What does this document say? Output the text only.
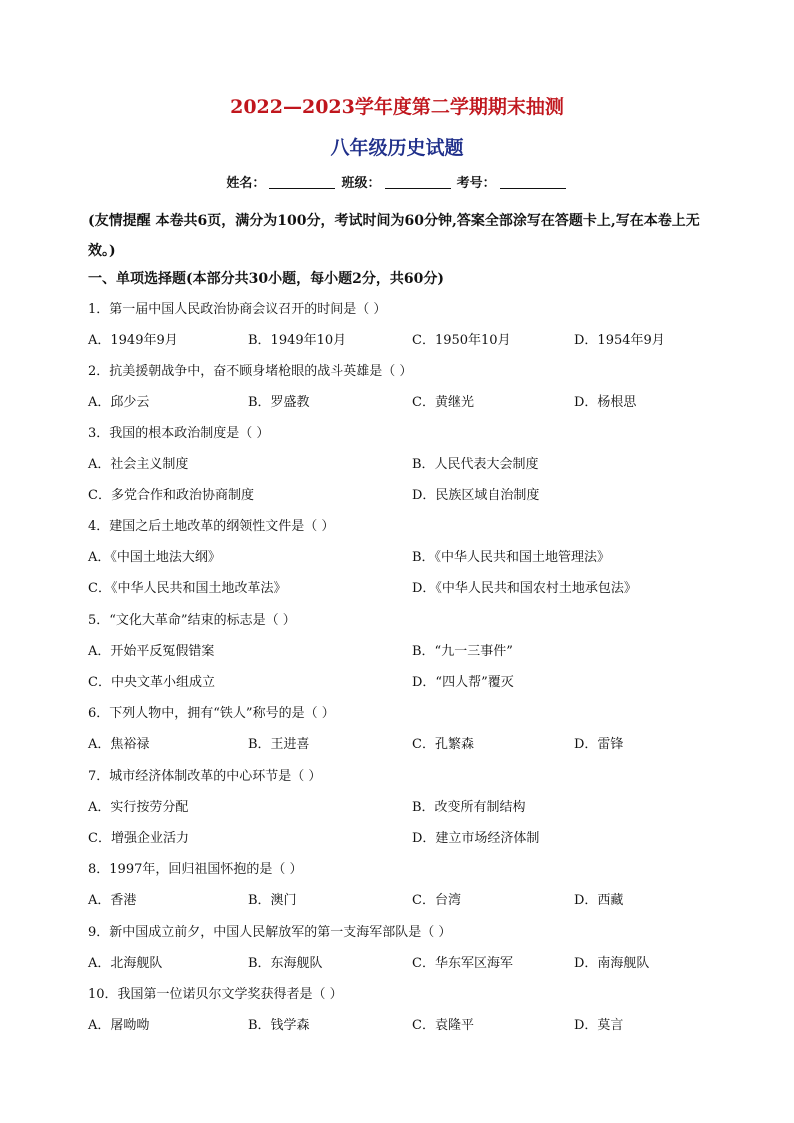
2022—2023学年度第二学期期末抽测
八年级历史试题
姓名：	班级：	考号：
(友情提醒 本卷共6页，满分为100分，考试时间为60分钟,答案全部涂写在答题卡上,写在本卷上无效。)
一、单项选择题(本部分共30小题，每小题2分，共60分)
1．第一届中国人民政治协商会议召开的时间是（ ）
A．1949年9月	B．1949年10月	C．1950年10月	D．1954年9月
2．抗美援朝战争中，奋不顾身堵枪眼的战斗英雄是（ ）
A．邱少云	B．罗盛教	C．黄继光	D．杨根思
3．我国的根本政治制度是（ ）
A．社会主义制度	B．人民代表大会制度
C．多党合作和政治协商制度	D．民族区域自治制度
4．建国之后土地改革的纲领性文件是（ ）
A．《中国土地法大纲》	B．《中华人民共和国土地管理法》
C．《中华人民共和国土地改革法》	D．《中华人民共和国农村土地承包法》
5．“文化大革命”结束的标志是（ ）
A．开始平反冤假错案	B．“九一三事件”
C．中央文革小组成立	D．“四人帮”覆灭
6．下列人物中，拥有“铁人”称号的是（ ）
A．焦裕禄	B．王进喜	C．孔繁森	D．雷锋
7．城市经济体制改革的中心环节是（ ）
A．实行按劳分配	B．改变所有制结构
C．增强企业活力	D．建立市场经济体制
8．1997年，回归祖国怀抱的是（ ）
A．香港	B．澳门	C．台湾	D．西藏
9．新中国成立前夕，中国人民解放军的第一支海军部队是（ ）
A．北海舰队	B．东海舰队	C．华东军区海军	D．南海舰队
10．我国第一位诺贝尔文学奖获得者是（ ）
A．屠呦呦	B．钱学森	C．袁隆平	D．莫言
